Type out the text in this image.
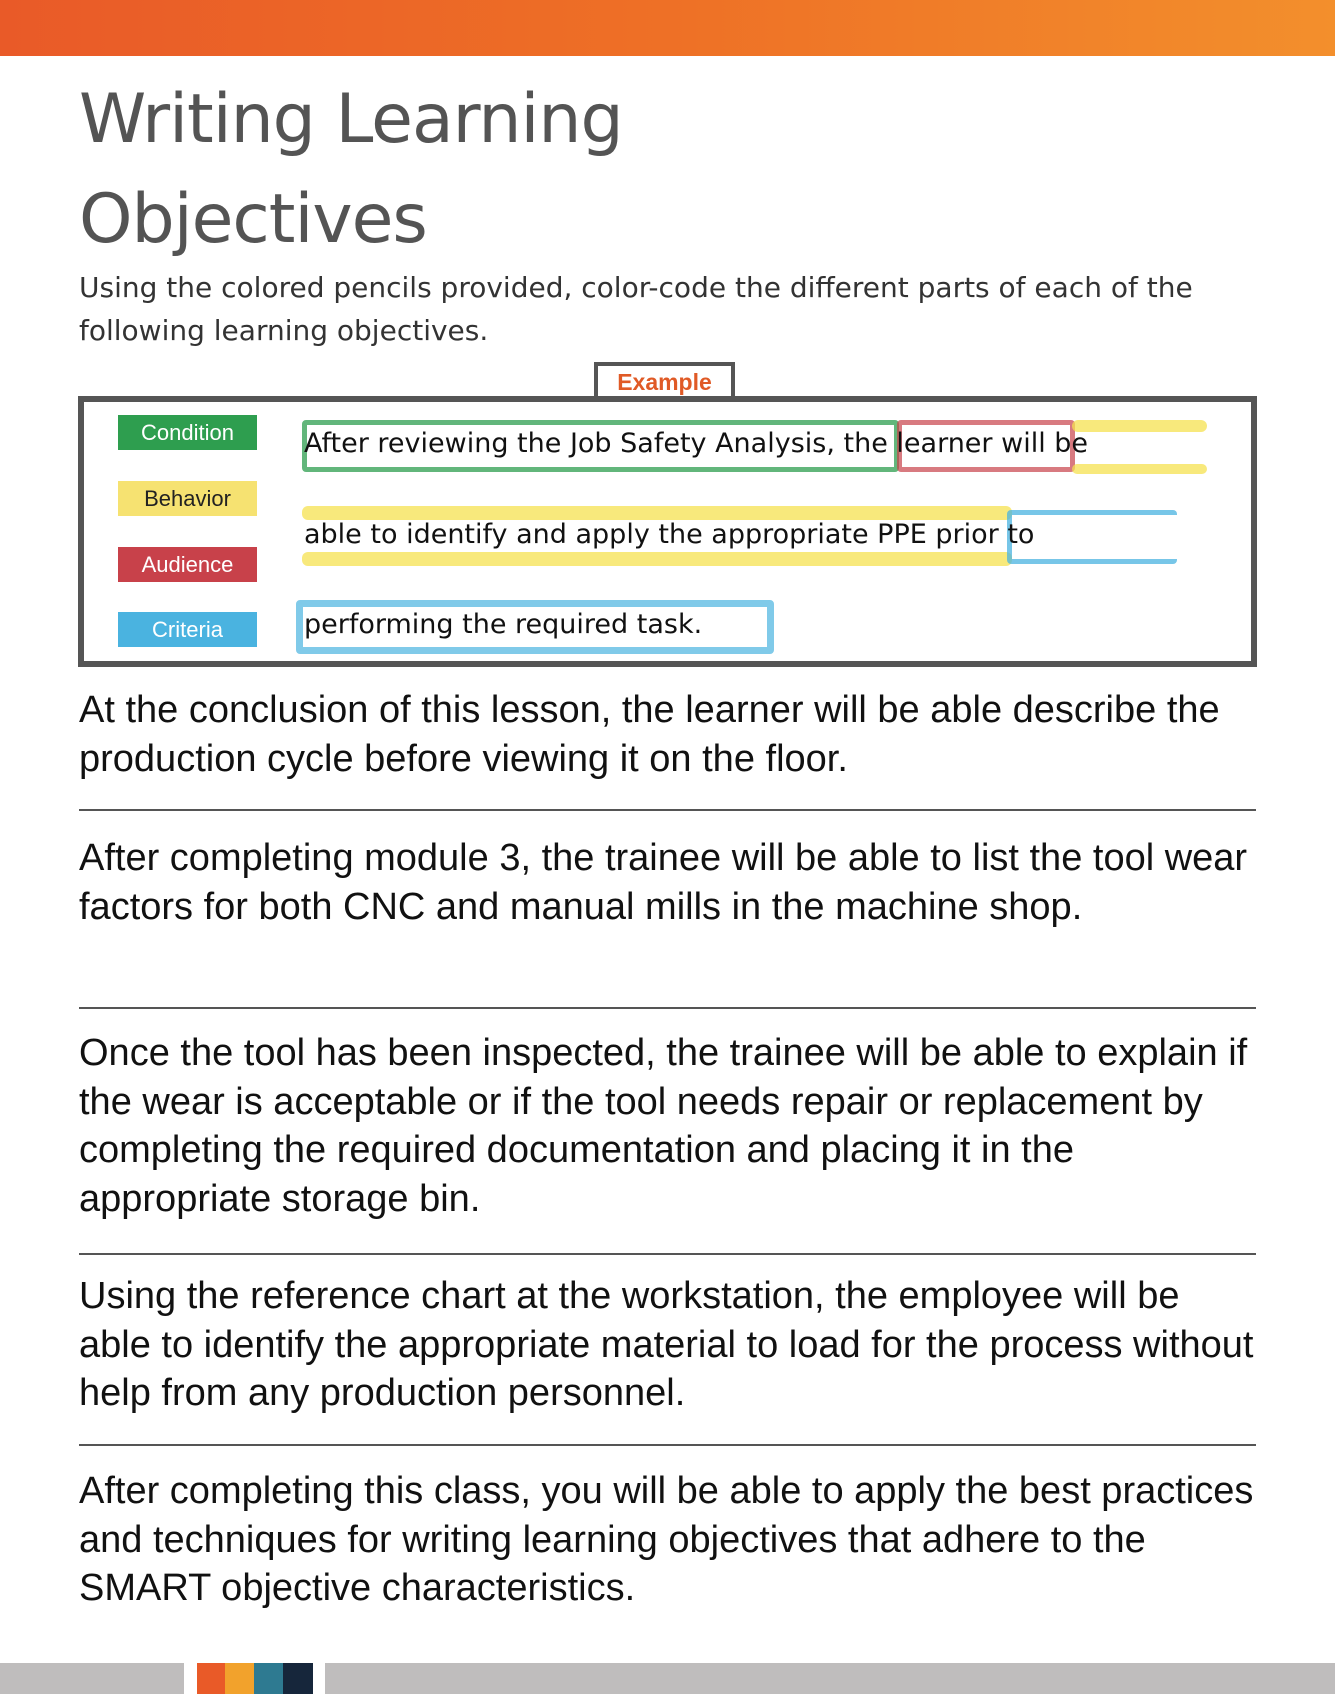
Writing Learning
Objectives
Using the colored pencils provided, color-code the different parts of each of the following learning objectives.
Example
Condition
Behavior
Audience
Criteria
After reviewing the Job Safety Analysis, the learner will be
able to identify and apply the appropriate PPE prior to
performing the required task.
At the conclusion of this lesson, the learner will be able describe the production cycle before viewing it on the floor.
After completing module 3, the trainee will be able to list the tool wear factors for both CNC and manual mills in the machine shop.
Once the tool has been inspected, the trainee will be able to explain if the wear is acceptable or if the tool needs repair or replacement by completing the required documentation and placing it in the appropriate storage bin.
Using the reference chart at the workstation, the employee will be able to identify the appropriate material to load for the process without help from any production personnel.
After completing this class, you will be able to apply the best practices and techniques for writing learning objectives that adhere to the SMART objective characteristics.
